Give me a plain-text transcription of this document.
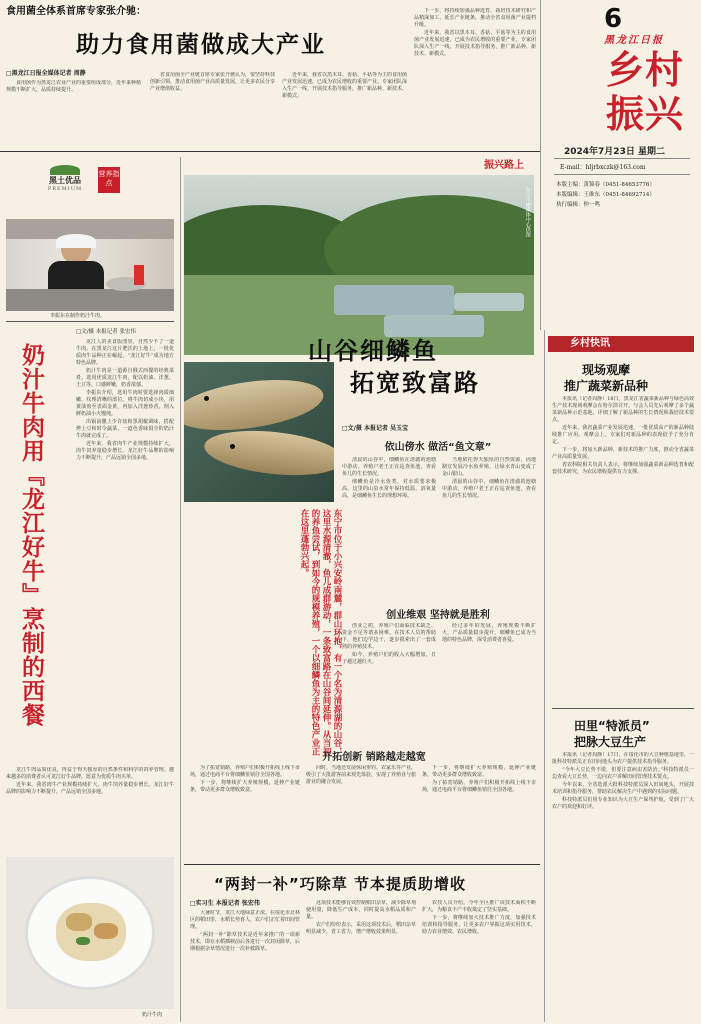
食用菌全体系首席专家张介驰：
助力食用菌做成大产业
□黑龙江日报全媒体记者 周静

食用菌作为黑龙江农业产业的重要组成部分，近年来种植规模不断扩大，品质持续提升。

省食用菌全产业链首席专家张介驰认为，要坚持科技创新引领，推动食用菌产业高质量发展，让更多农民分享产业增值收益。

近年来，我省以黑木耳、香菇、平菇等为主的食用菌产业发展迅速，已成为农民增收的重要产业。专家团队深入生产一线，开展技术指导服务，推广新品种、新技术、新模式。

下一步，将持续加强品种选育、栽培技术研究和产品精深加工，延长产业链条，推动全省食用菌产业提档升级。

近年来，我省以黑木耳、香菇、平菇等为主的食用菌产业发展迅速，已成为农民增收的重要产业。专家团队深入生产一线，开展技术指导服务，推广新品种、新技术、新模式。

6
黑龙江日报
乡村振兴
2024年7月23日 星期二
E-mail：hljrbxczk@163.com
本版主编：黄锦春（0451-84653776）
本版编辑：王维东（0451-84692714）
执行编辑：仲一鸣
黑土优品
PREMIUM
营养指点
李振东在制作奶汁牛肉。
奶汁牛肉用『龙江好牛』烹制的西餐
□文/摄 本报记者 张宏伟

龙江人的美食版图里，自然少不了一道牛肉。在黑龙江这片肥沃的土地上，一批优质肉牛品种正在崛起，“龙江好牛”成为地方特色品牌。

奶汁牛肉是一道源自俄式西餐的经典菜肴。选用优质龙江牛肉，配以奶油、洋葱、土豆等，口感鲜嫩，奶香浓郁。

李振东介绍，选用牛肉时要选择肉质细嫩、纹理清晰的部位。将牛肉切成小块，用黄油煎至表面金黄，再加入洋葱炒香，倒入鲜奶油小火慢炖。

出锅前撒上少许盐和黑胡椒调味，搭配烤土豆和时令蔬菜，一道色香味俱全的奶汁牛肉就完成了。

近年来，我省肉牛产业规模持续扩大，肉牛饲养量稳步增长。龙江好牛品牌的影响力不断提升，产品远销全国多地。

龙江牛肉品质优良，得益于得天独厚的自然条件和科学的饲养管理。越来越多的消费者认可龙江好牛品牌，愿意为优质牛肉买单。

近年来，我省肉牛产业规模持续扩大，肉牛饲养量稳步增长。龙江好牛品牌的影响力不断提升，产品远销全国多地。

奶汁牛肉
振兴路上
东宁市融媒体中心供图
山谷细鳞鱼
拓宽致富路
□文/摄 本报记者 吴玉宝
依山傍水 做活“鱼文章”

清晨的山谷中，细鳞鱼在清澈的池塘中游动。养殖户老王正在巡查鱼池，查看鱼儿的生长情况。

细鳞鱼是冷水鱼类，对水质要求极高。这里的山泉水常年保持低温，溶氧量高，是细鳞鱼生长的理想环境。

当地依托得天独厚的自然资源，因地制宜发展冷水鱼养殖，让绿水青山变成了金山银山。

清晨的山谷中，细鳞鱼在清澈的池塘中游动。养殖户老王正在巡查鱼池，查看鱼儿的生长情况。

东宁市位于小兴安岭南麓，群山环抱，有一个名为清源湖的山谷，这里水源清澈，鱼儿成群游动，一条致富路在山谷间延伸。从当初的养鱼尝试，到如今的规模养殖，一个以细鳞鱼为主的特色产业正在这里蓬勃兴起。
创业维艰 坚持就是胜利

创业之初，养殖户们面临技术缺乏、资金不足等诸多困难。在技术人员的帮助下，他们边学边干，逐步摸索出了一套成熟的养殖技术。

如今，养殖户们的收入大幅增加，日子越过越红火。

经过多年的发展，养殖规模不断扩大，产品质量稳步提升，细鳞鱼已成为当地的特色品牌，深受消费者喜爱。

开拓创新 销路越走越宽

为了拓宽销路，养殖户们积极开拓线上线下市场，通过电商平台将细鳞鱼销往全国各地。

下一步，将继续扩大养殖规模，延伸产业链条，带动更多群众增收致富。

同时，当地还发展休闲垂钓、农家乐等产业，吸引了大批游客前来观光体验，实现了养殖业与旅游业的融合发展。

下一步，将继续扩大养殖规模，延伸产业链条，带动更多群众增收致富。

为了拓宽销路，养殖户们积极开拓线上线下市场，通过电商平台将细鳞鱼销往全国各地。

“两封一补”巧除草 节本提质助增收
□实习生 本报记者 张宏伟

大暑时节，龙江大地绿意正浓。在绥化市北林区的稻田里，水稻长势喜人，农户们正忙着田间管理。

“两封一补”除草技术是近年来推广的一项新技术，即在水稻插秧前后各进行一次封闭除草，后期根据杂草情况进行一次补救除草。

这项技术能够有效控制稻田杂草，减少除草剂使用量，降低生产成本，同时提高水稻品质和产量。

农户们纷纷表示，采用这项技术后，稻田杂草明显减少，省工省力，增产增收效果明显。

农技人员介绍，今年全区推广该技术面积不断扩大，为粮食丰产丰收奠定了坚实基础。

下一步，将继续加大技术推广力度，加强技术培训和指导服务，让更多农户掌握这项实用技术，助力农业增效、农民增收。

乡村快讯
现场观摩
推广蔬菜新品种

本报讯（记者周静）18日，黑龙江省蔬菜新品种与绿色高效生产技术现场观摩会在哈尔滨召开。与会人员先后观摩了多个蔬菜新品种示范基地，详细了解了新品种的生长情况和栽培技术要点。

近年来，我省蔬菜产业发展迅速，一批优质高产的新品种陆续推广应用。观摩会上，专家们对新品种的表现给予了充分肯定。

下一步，将加大新品种、新技术的推广力度，推动全省蔬菜产业高质量发展。

省农科院相关负责人表示，将继续加强蔬菜新品种选育和配套技术研究，为农民增收提供有力支撑。

田里“特派员”
把脉大豆生产

本报讯（记者周静）17日，在绥化市的大豆种植基地里，一批科技特派员正在田间地头为农户提供技术指导服务。

“今年大豆长势不错，但要注意病虫害防治。”科技特派员一边查看大豆长势，一边向农户讲解田间管理技术要点。

今年以来，全省选派大批科技特派员深入田间地头，开展技术培训和指导服务，帮助农民解决生产中遇到的实际问题。

科技特派员们用专业知识为大豆生产保驾护航，受到了广大农户的欢迎和好评。
